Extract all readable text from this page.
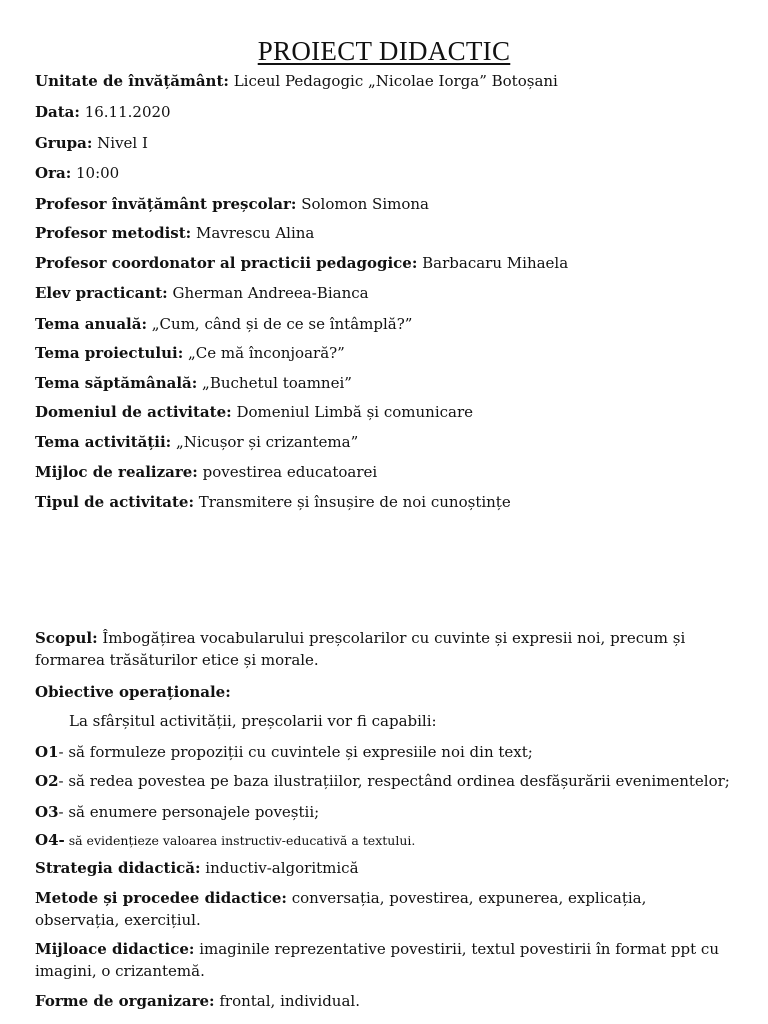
PROIECT DIDACTIC
Unitate de învățământ: Liceul Pedagogic „Nicolae Iorga” Botoșani
Data: 16.11.2020
Grupa: Nivel I
Ora: 10:00
Profesor învățământ preșcolar: Solomon Simona
Profesor metodist: Mavrescu Alina
Profesor coordonator al practicii pedagogice: Barbacaru Mihaela
Elev practicant: Gherman Andreea-Bianca
Tema anuală: „Cum, când și de ce se întâmplă?”
Tema proiectului: „Ce mă înconjoară?”
Tema săptămânală: „Buchetul toamnei”
Domeniul de activitate: Domeniul Limbă și comunicare
Tema activității: „Nicușor și crizantema”
Mijloc de realizare: povestirea educatoarei
Tipul de activitate: Transmitere și însușire de noi cunoștințe
Scopul: Îmbogățirea vocabularului preșcolarilor cu cuvinte și expresii noi, precum și formarea trăsăturilor etice și morale.
Obiective operaționale:
La sfârșitul activității, preșcolarii vor fi capabili:
O1- să formuleze propoziții cu cuvintele și expresiile noi din text;
O2- să redea povestea pe baza ilustrațiilor, respectând ordinea desfășurării evenimentelor;
O3- să enumere personajele poveștii;
O4- să evidențieze valoarea instructiv-educativă a textului.
Strategia didactică: inductiv-algoritmică
Metode și procedee didactice: conversația, povestirea, expunerea, explicația, observația, exercițiul.
Mijloace didactice: imaginile reprezentative povestirii, textul povestirii în format ppt cu imagini, o crizantemă.
Forme de organizare: frontal, individual.
